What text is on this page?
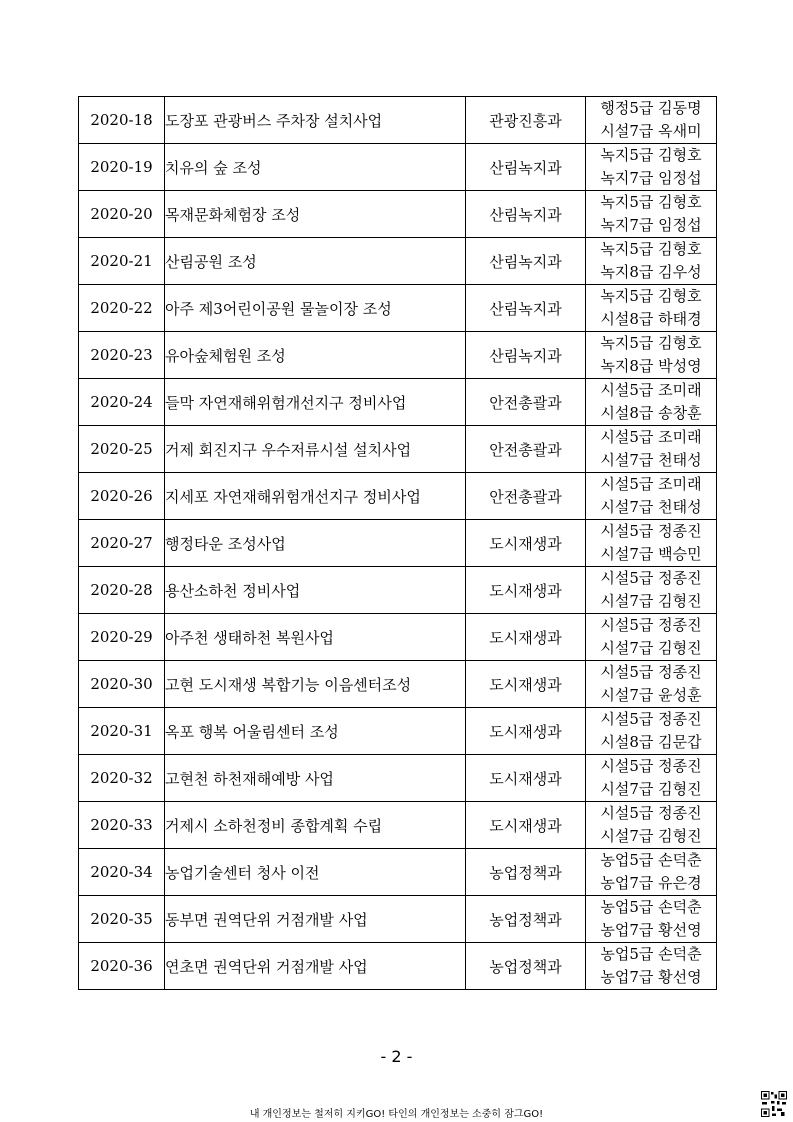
2020-18	도장포 관광버스 주차장 설치사업	관광진흥과	행정5급 김동명
시설7급 옥새미

2020-19	치유의 숲 조성	산림녹지과	녹지5급 김형호
녹지7급 임정섭

2020-20	목재문화체험장 조성	산림녹지과	녹지5급 김형호
녹지7급 임정섭

2020-21	산림공원 조성	산림녹지과	녹지5급 김형호
녹지8급 김우성

2020-22	아주 제3어린이공원 물놀이장 조성	산림녹지과	녹지5급 김형호
시설8급 하태경

2020-23	유아숲체험원 조성	산림녹지과	녹지5급 김형호
녹지8급 박성영

2020-24	들막 자연재해위험개선지구 정비사업	안전총괄과	시설5급 조미래
시설8급 송창훈

2020-25	거제 회진지구 우수저류시설 설치사업	안전총괄과	시설5급 조미래
시설7급 천태성

2020-26	지세포 자연재해위험개선지구 정비사업	안전총괄과	시설5급 조미래
시설7급 천태성

2020-27	행정타운 조성사업	도시재생과	시설5급 정종진
시설7급 백승민

2020-28	용산소하천 정비사업	도시재생과	시설5급 정종진
시설7급 김형진

2020-29	아주천 생태하천 복원사업	도시재생과	시설5급 정종진
시설7급 김형진

2020-30	고현 도시재생 복합기능 이음센터조성	도시재생과	시설5급 정종진
시설7급 윤성훈

2020-31	옥포 행복 어울림센터 조성	도시재생과	시설5급 정종진
시설8급 김문갑

2020-32	고현천 하천재해예방 사업	도시재생과	시설5급 정종진
시설7급 김형진

2020-33	거제시 소하천정비 종합계획 수립	도시재생과	시설5급 정종진
시설7급 김형진

2020-34	농업기술센터 청사 이전	농업정책과	농업5급 손덕춘
농업7급 유은경

2020-35	동부면 권역단위 거점개발 사업	농업정책과	농업5급 손덕춘
농업7급 황선영

2020-36	연초면 권역단위 거점개발 사업	농업정책과	농업5급 손덕춘
농업7급 황선영
- 2 -
내 개인정보는 철저히 지키GO! 타인의 개인정보는 소중히 잠그GO!
